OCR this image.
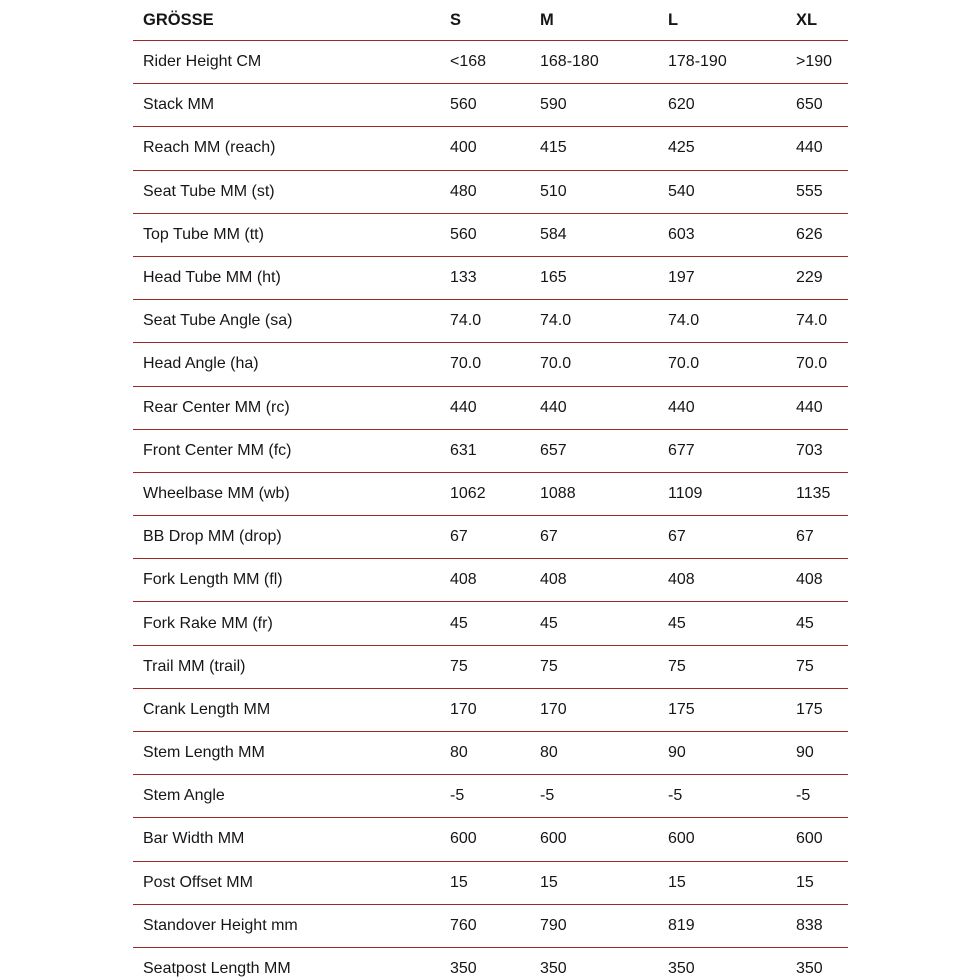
GRÖSSE	S	M	L	XL
Rider Height CM	<168	168-180	178-190	>190
Stack MM	560	590	620	650
Reach MM (reach)	400	415	425	440
Seat Tube MM (st)	480	510	540	555
Top Tube MM (tt)	560	584	603	626
Head Tube MM (ht)	133	165	197	229
Seat Tube Angle (sa)	74.0	74.0	74.0	74.0
Head Angle (ha)	70.0	70.0	70.0	70.0
Rear Center MM (rc)	440	440	440	440
Front Center MM (fc)	631	657	677	703
Wheelbase MM (wb)	1062	1088	1109	1135
BB Drop MM (drop)	67	67	67	67
Fork Length MM (fl)	408	408	408	408
Fork Rake MM (fr)	45	45	45	45
Trail MM (trail)	75	75	75	75
Crank Length MM	170	170	175	175
Stem Length MM	80	80	90	90
Stem Angle	-5	-5	-5	-5
Bar Width MM	600	600	600	600
Post Offset MM	15	15	15	15
Standover Height mm	760	790	819	838
Seatpost Length MM	350	350	350	350
